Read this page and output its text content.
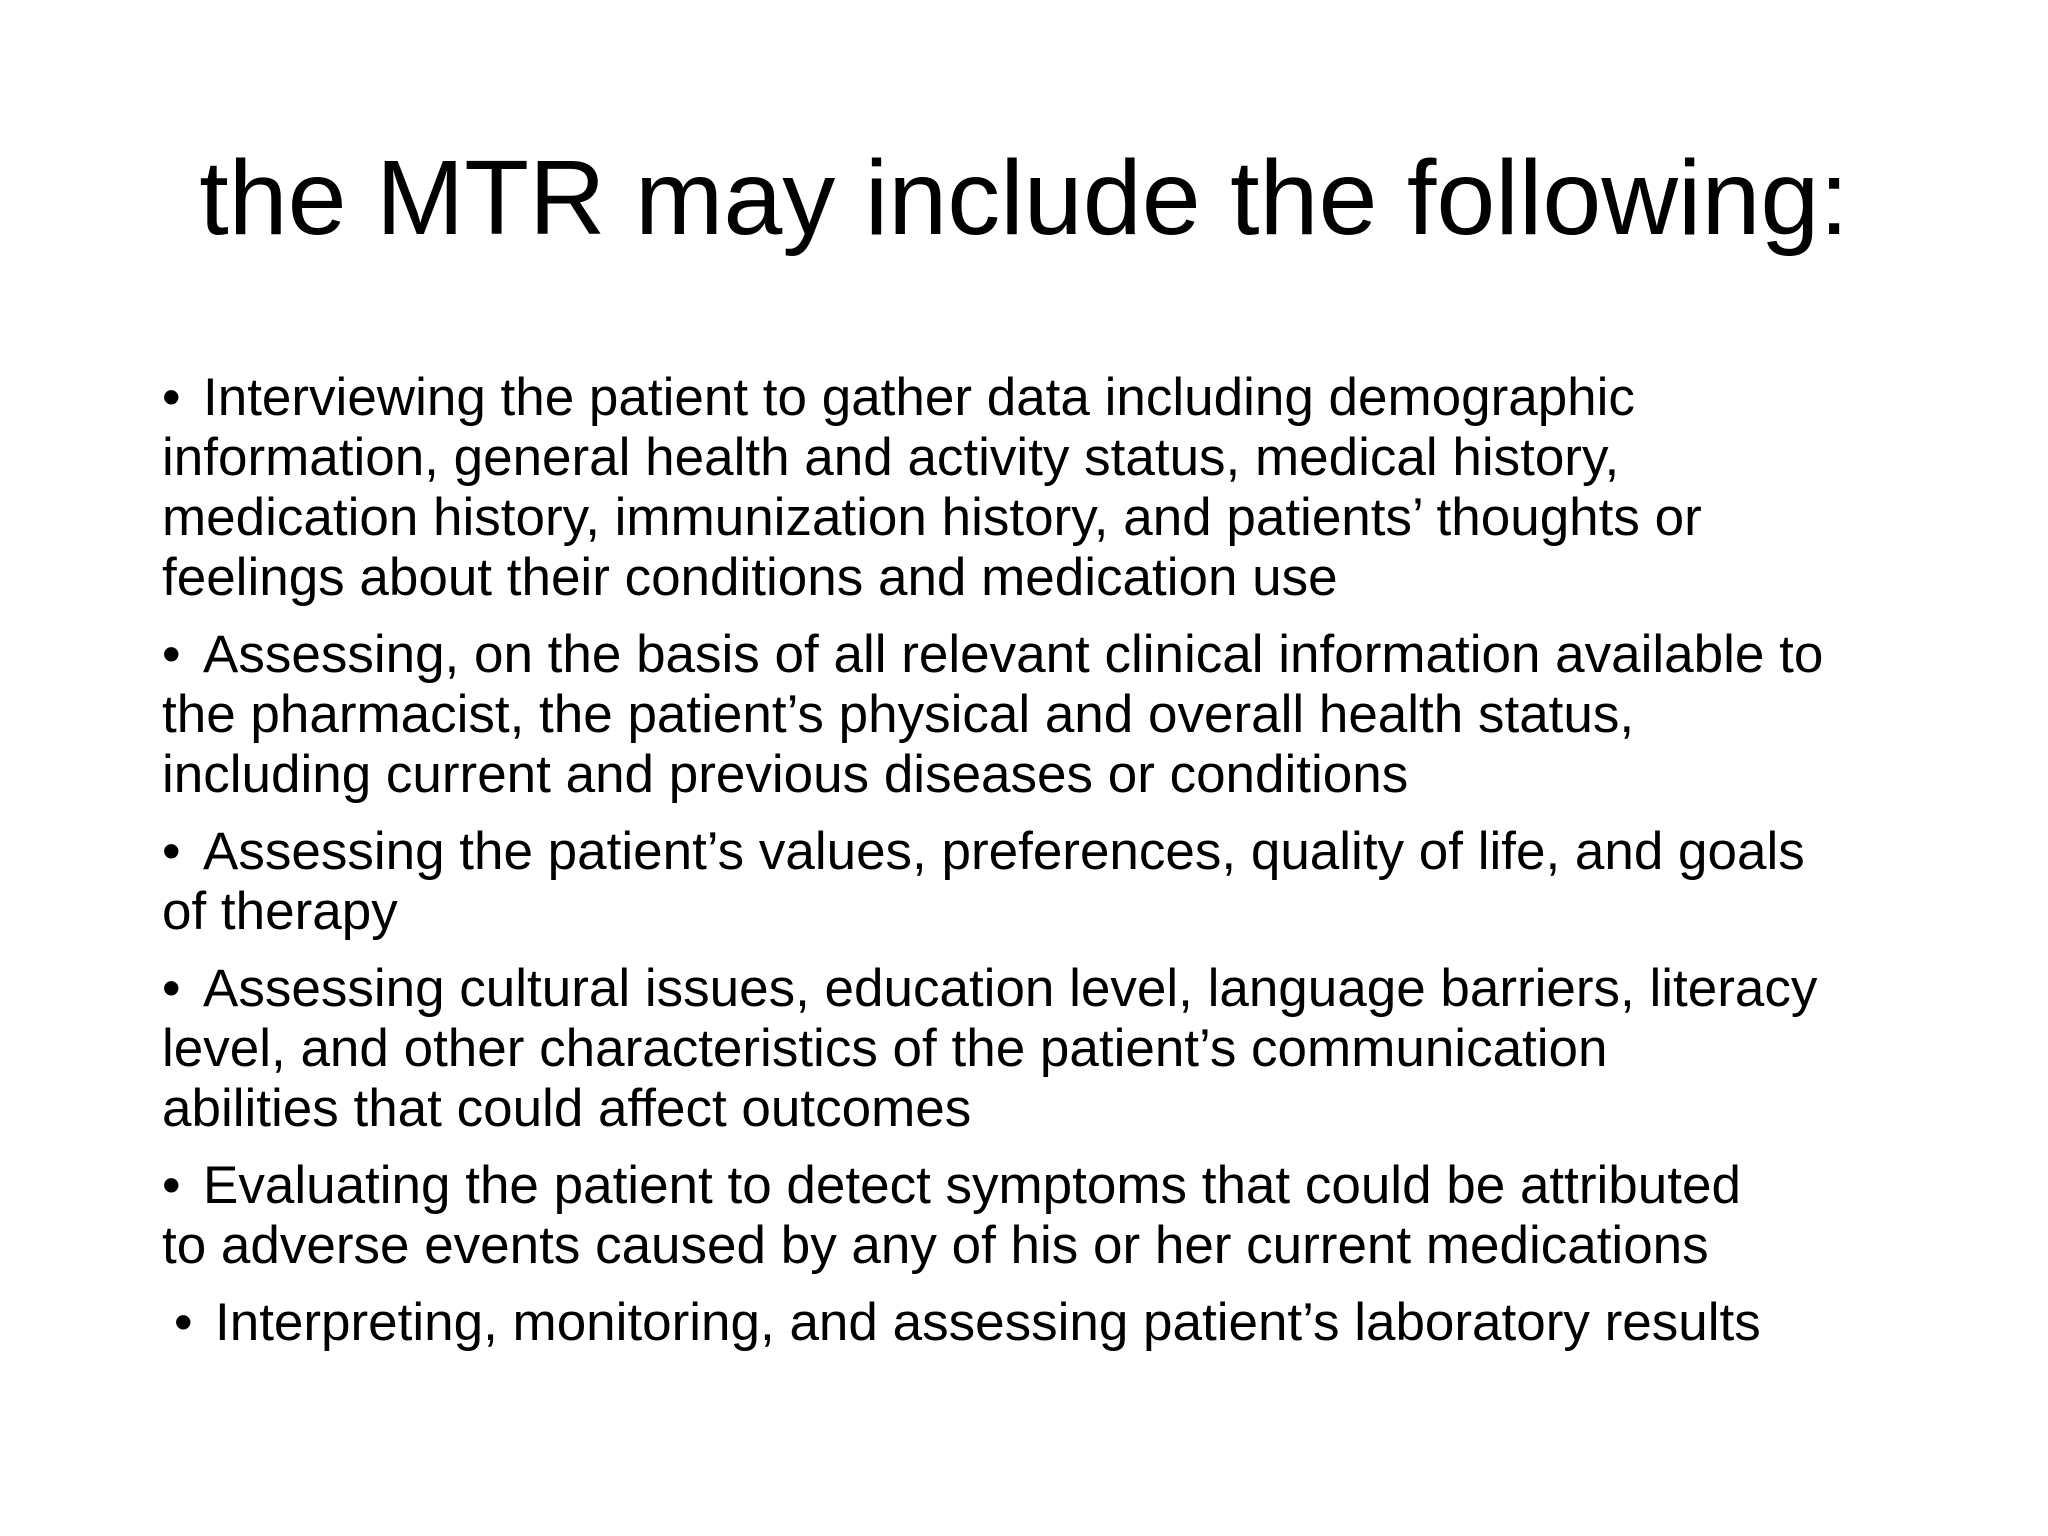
the MTR may include the following:
• Interviewing the patient to gather data including demographic
information, general health and activity status, medical history,
medication history, immunization history, and patients’ thoughts or
feelings about their conditions and medication use
• Assessing, on the basis of all relevant clinical information available to
the pharmacist, the patient’s physical and overall health status,
including current and previous diseases or conditions
• Assessing the patient’s values, preferences, quality of life, and goals
of therapy
• Assessing cultural issues, education level, language barriers, literacy
level, and other characteristics of the patient’s communication
abilities that could affect outcomes
• Evaluating the patient to detect symptoms that could be attributed
to adverse events caused by any of his or her current medications
• Interpreting, monitoring, and assessing patient’s laboratory results
